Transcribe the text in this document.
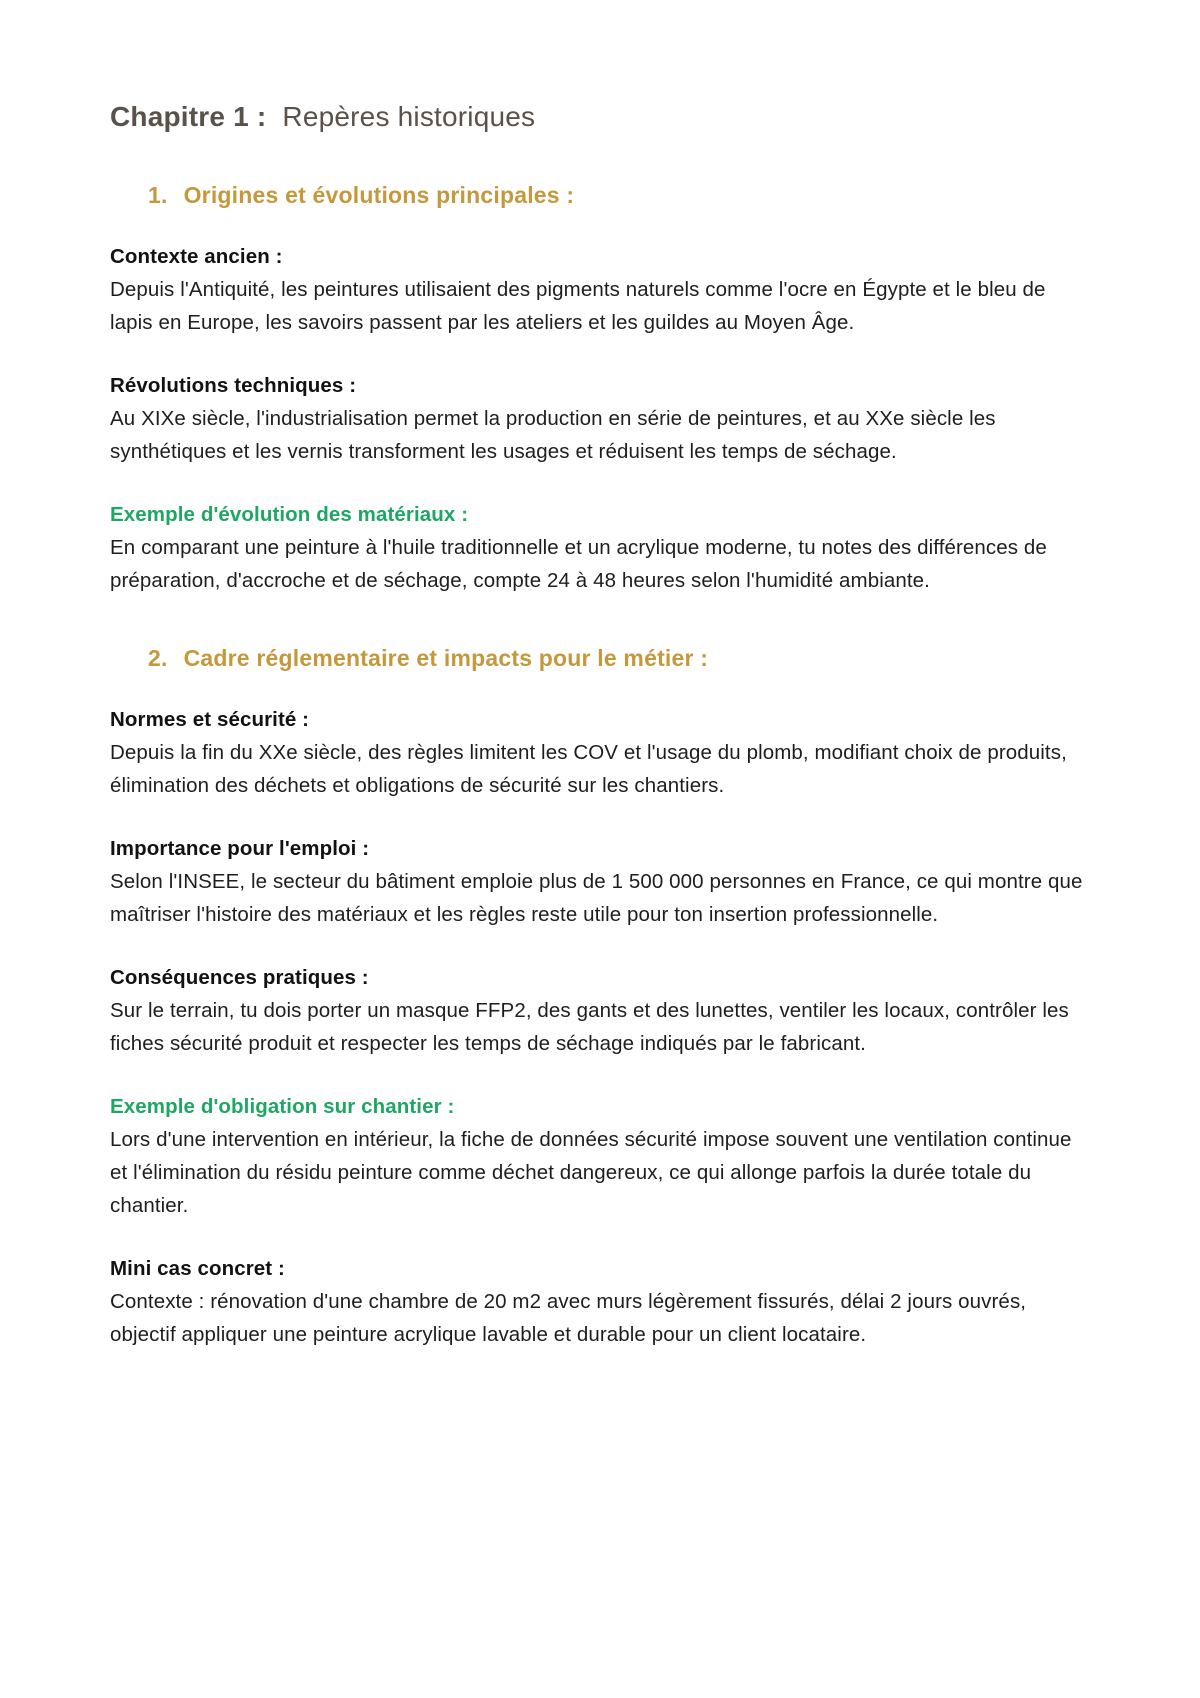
Chapitre 1 : Repères historiques
1. Origines et évolutions principales :
Contexte ancien :

Depuis l'Antiquité, les peintures utilisaient des pigments naturels comme l'ocre en Égypte et le bleu de lapis en Europe, les savoirs passent par les ateliers et les guildes au Moyen Âge.

Révolutions techniques :

Au XIXe siècle, l'industrialisation permet la production en série de peintures, et au XXe siècle les synthétiques et les vernis transforment les usages et réduisent les temps de séchage.

Exemple d'évolution des matériaux :

En comparant une peinture à l'huile traditionnelle et un acrylique moderne, tu notes des différences de préparation, d'accroche et de séchage, compte 24 à 48 heures selon l'humidité ambiante.

2. Cadre réglementaire et impacts pour le métier :
Normes et sécurité :

Depuis la fin du XXe siècle, des règles limitent les COV et l'usage du plomb, modifiant choix de produits, élimination des déchets et obligations de sécurité sur les chantiers.

Importance pour l'emploi :

Selon l'INSEE, le secteur du bâtiment emploie plus de 1 500 000 personnes en France, ce qui montre que maîtriser l'histoire des matériaux et les règles reste utile pour ton insertion professionnelle.

Conséquences pratiques :

Sur le terrain, tu dois porter un masque FFP2, des gants et des lunettes, ventiler les locaux, contrôler les fiches sécurité produit et respecter les temps de séchage indiqués par le fabricant.

Exemple d'obligation sur chantier :

Lors d'une intervention en intérieur, la fiche de données sécurité impose souvent une ventilation continue et l'élimination du résidu peinture comme déchet dangereux, ce qui allonge parfois la durée totale du chantier.

Mini cas concret :

Contexte : rénovation d'une chambre de 20 m2 avec murs légèrement fissurés, délai 2 jours ouvrés, objectif appliquer une peinture acrylique lavable et durable pour un client locataire.
